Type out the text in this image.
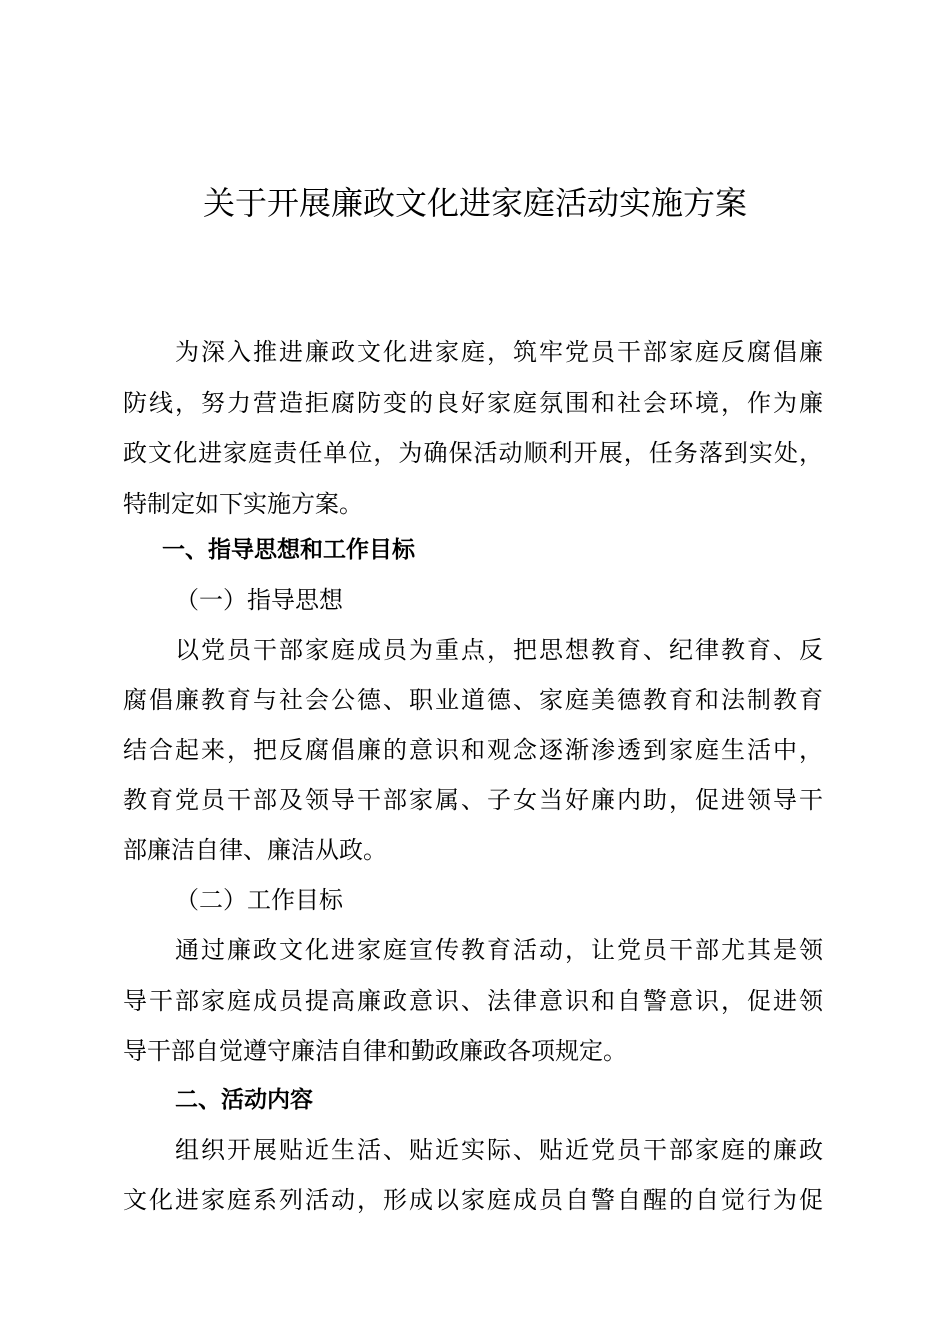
关于开展廉政文化进家庭活动实施方案
为深入推进廉政文化进家庭，筑牢党员干部家庭反腐倡廉
防线，努力营造拒腐防变的良好家庭氛围和社会环境，作为廉
政文化进家庭责任单位，为确保活动顺利开展，任务落到实处，
特制定如下实施方案。
一、指导思想和工作目标
（一）指导思想
以党员干部家庭成员为重点，把思想教育、纪律教育、反
腐倡廉教育与社会公德、职业道德、家庭美德教育和法制教育
结合起来，把反腐倡廉的意识和观念逐渐渗透到家庭生活中，
教育党员干部及领导干部家属、子女当好廉内助，促进领导干
部廉洁自律、廉洁从政。
（二）工作目标
通过廉政文化进家庭宣传教育活动，让党员干部尤其是领
导干部家庭成员提高廉政意识、法律意识和自警意识，促进领
导干部自觉遵守廉洁自律和勤政廉政各项规定。
二、活动内容
组织开展贴近生活、贴近实际、贴近党员干部家庭的廉政
文化进家庭系列活动，形成以家庭成员自警自醒的自觉行为促
